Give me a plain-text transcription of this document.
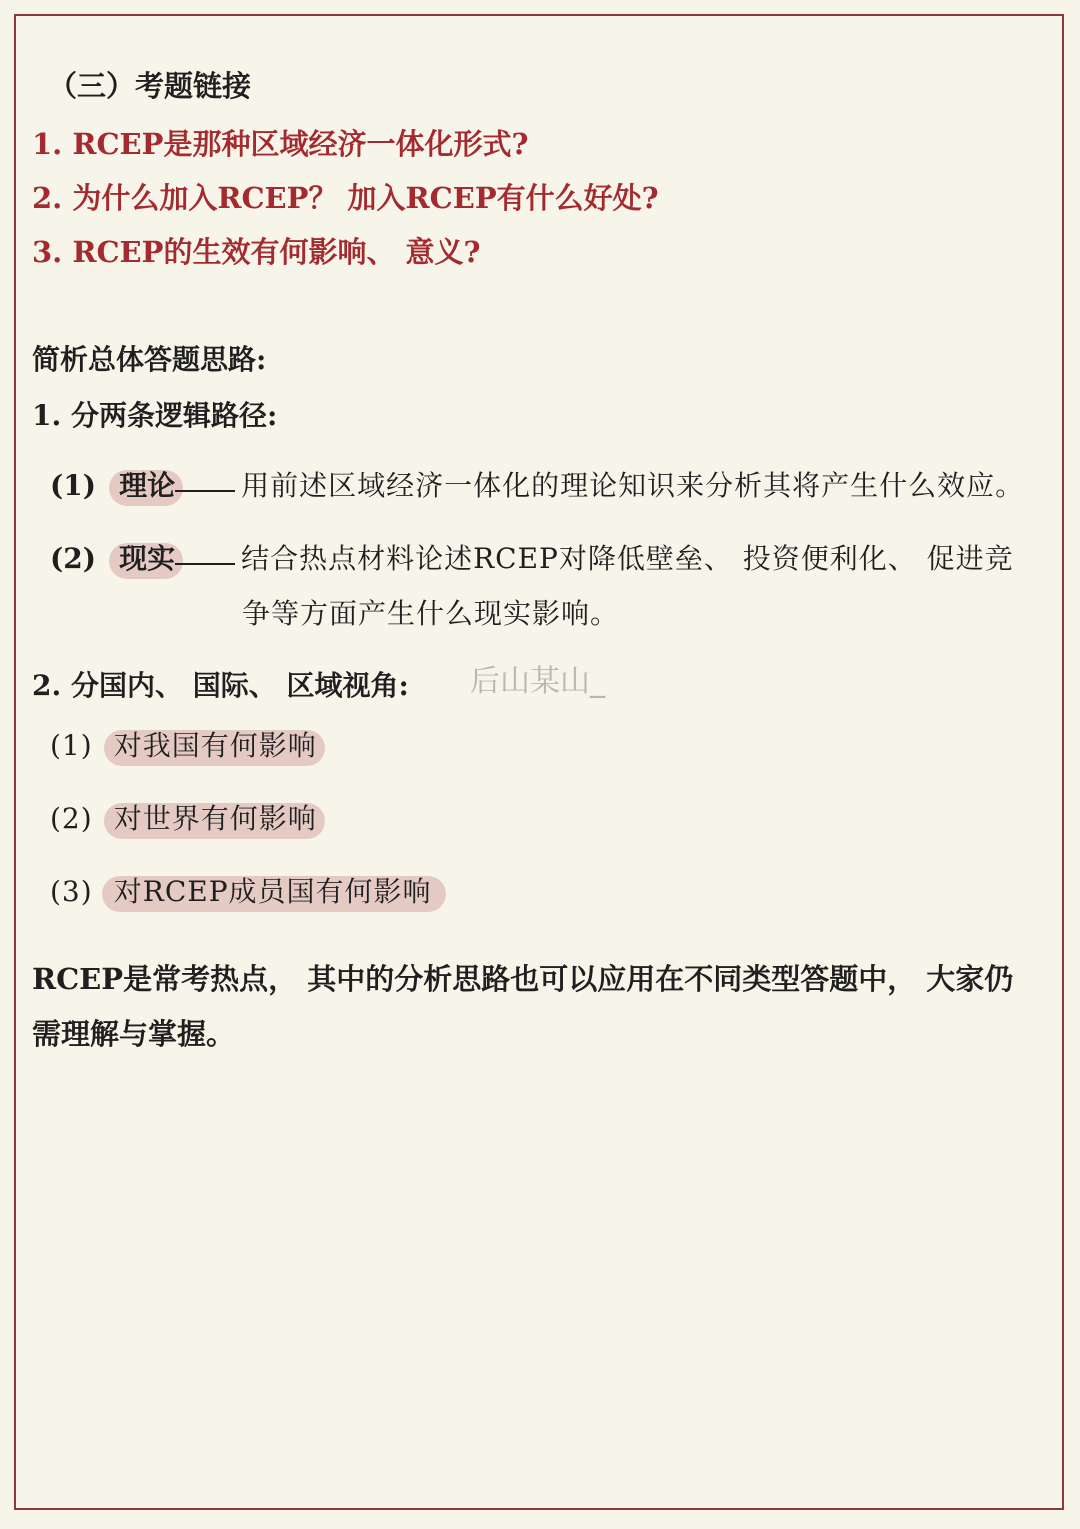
（三）考题链接
1. RCEP是那种区域经济一体化形式?
2. 为什么加入RCEP？ 加入RCEP有什么好处?
3. RCEP的生效有何影响、 意义?
简析总体答题思路:
1. 分两条逻辑路径:
(1) 理论 用前述区域经济一体化的理论知识来分析其将产生什么效应。
(2) 现实 结合热点材料论述RCEP对降低壁垒、 投资便利化、 促进竞
争等方面产生什么现实影响。
2. 分国内、 国际、 区域视角: 后山某山_
(1) 对我国有何影响
(2) 对世界有何影响
(3) 对RCEP成员国有何影响
RCEP是常考热点， 其中的分析思路也可以应用在不同类型答题中， 大家仍需理解与掌握。
